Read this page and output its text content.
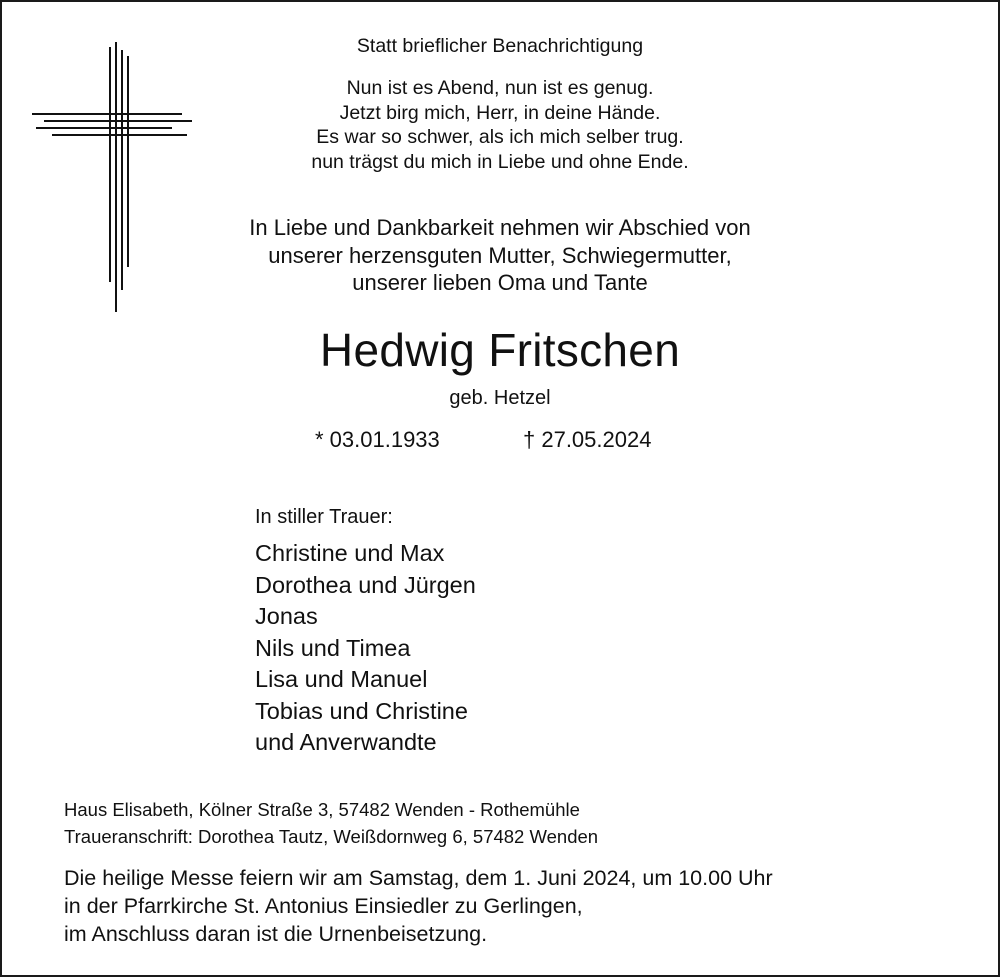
Statt brieflicher Benachrichtigung
Nun ist es Abend, nun ist es genug.
Jetzt birg mich, Herr, in deine Hände.
Es war so schwer, als ich mich selber trug.
nun trägst du mich in Liebe und ohne Ende.
In Liebe und Dankbarkeit nehmen wir Abschied von
unserer herzensguten Mutter, Schwiegermutter,
unserer lieben Oma und Tante
Hedwig Fritschen
geb. Hetzel
* 03.01.1933	† 27.05.2024
In stiller Trauer:
Christine und Max
Dorothea und Jürgen
Jonas
Nils und Timea
Lisa und Manuel
Tobias und Christine
und Anverwandte
Haus Elisabeth, Kölner Straße 3, 57482 Wenden - Rothemühle
Traueranschrift: Dorothea Tautz, Weißdornweg 6, 57482 Wenden
Die heilige Messe feiern wir am Samstag, dem 1. Juni 2024, um 10.00 Uhr
in der Pfarrkirche St. Antonius Einsiedler zu Gerlingen,
im Anschluss daran ist die Urnenbeisetzung.
